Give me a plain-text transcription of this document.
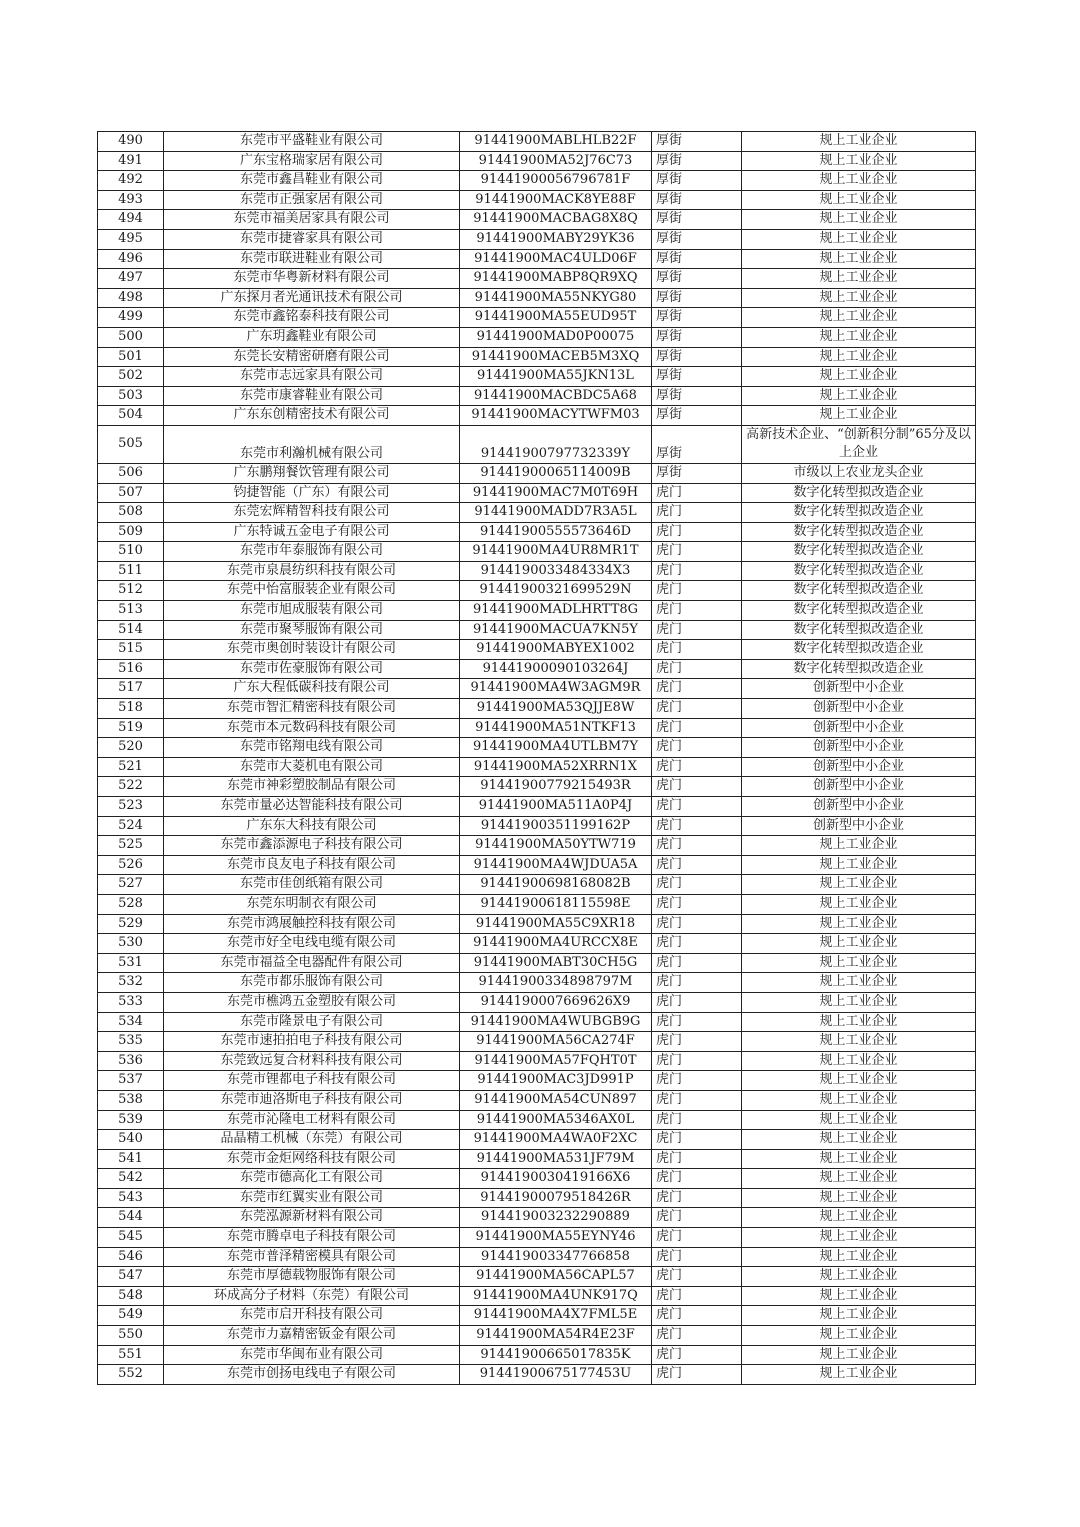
490	东莞市平盛鞋业有限公司	91441900MABLHLB22F	厚街	规上工业企业
491	广东宝格瑞家居有限公司	91441900MA52J76C73	厚街	规上工业企业
492	东莞市鑫昌鞋业有限公司	91441900056796781F	厚街	规上工业企业
493	东莞市正强家居有限公司	91441900MACK8YE88F	厚街	规上工业企业
494	东莞市福美居家具有限公司	91441900MACBAG8X8Q	厚街	规上工业企业
495	东莞市捷睿家具有限公司	91441900MABY29YK36	厚街	规上工业企业
496	东莞市联进鞋业有限公司	91441900MAC4ULD06F	厚街	规上工业企业
497	东莞市华粤新材料有限公司	91441900MABP8QR9XQ	厚街	规上工业企业
498	广东探月者光通讯技术有限公司	91441900MA55NKYG80	厚街	规上工业企业
499	东莞市鑫铭泰科技有限公司	91441900MA55EUD95T	厚街	规上工业企业
500	广东玥鑫鞋业有限公司	91441900MAD0P00075	厚街	规上工业企业
501	东莞长安精密研磨有限公司	91441900MACEB5M3XQ	厚街	规上工业企业
502	东莞市志远家具有限公司	91441900MA55JKN13L	厚街	规上工业企业
503	东莞市康睿鞋业有限公司	91441900MACBDC5A68	厚街	规上工业企业
504	广东东创精密技术有限公司	91441900MACYTWFM03	厚街	规上工业企业
505	东莞市利瀚机械有限公司	91441900797732339Y	厚街	高新技术企业、“创新积分制”65分及以上企业
506	广东鹏翔餐饮管理有限公司	91441900065114009B	厚街	市级以上农业龙头企业
507	钧捷智能（广东）有限公司	91441900MAC7M0T69H	虎门	数字化转型拟改造企业
508	东莞宏辉精智科技有限公司	91441900MADD7R3A5L	虎门	数字化转型拟改造企业
509	广东特诚五金电子有限公司	91441900555573646D	虎门	数字化转型拟改造企业
510	东莞市年泰服饰有限公司	91441900MA4UR8MR1T	虎门	数字化转型拟改造企业
511	东莞市泉晨纺织科技有限公司	9144190033484334X3	虎门	数字化转型拟改造企业
512	东莞中怡富服装企业有限公司	91441900321699529N	虎门	数字化转型拟改造企业
513	东莞市旭成服装有限公司	91441900MADLHRTT8G	虎门	数字化转型拟改造企业
514	东莞市聚琴服饰有限公司	91441900MACUA7KN5Y	虎门	数字化转型拟改造企业
515	东莞市奥创时装设计有限公司	91441900MABYEX1002	虎门	数字化转型拟改造企业
516	东莞市佐豪服饰有限公司	91441900090103264J	虎门	数字化转型拟改造企业
517	广东大程低碳科技有限公司	91441900MA4W3AGM9R	虎门	创新型中小企业
518	东莞市智汇精密科技有限公司	91441900MA53QJJE8W	虎门	创新型中小企业
519	东莞市本元数码科技有限公司	91441900MA51NTKF13	虎门	创新型中小企业
520	东莞市铭翔电线有限公司	91441900MA4UTLBM7Y	虎门	创新型中小企业
521	东莞市大菱机电有限公司	91441900MA52XRRN1X	虎门	创新型中小企业
522	东莞市神彩塑胶制品有限公司	91441900779215493R	虎门	创新型中小企业
523	东莞市量必达智能科技有限公司	91441900MA511A0P4J	虎门	创新型中小企业
524	广东东大科技有限公司	91441900351199162P	虎门	创新型中小企业
525	东莞市鑫添源电子科技有限公司	91441900MA50YTW719	虎门	规上工业企业
526	东莞市良友电子科技有限公司	91441900MA4WJDUA5A	虎门	规上工业企业
527	东莞市佳创纸箱有限公司	91441900698168082B	虎门	规上工业企业
528	东莞东明制衣有限公司	91441900618115598E	虎门	规上工业企业
529	东莞市鸿展触控科技有限公司	91441900MA55C9XR18	虎门	规上工业企业
530	东莞市好全电线电缆有限公司	91441900MA4URCCX8E	虎门	规上工业企业
531	东莞市福益全电器配件有限公司	91441900MABT30CH5G	虎门	规上工业企业
532	东莞市都乐服饰有限公司	91441900334898797M	虎门	规上工业企业
533	东莞市樵鸿五金塑胶有限公司	9144190007669626X9	虎门	规上工业企业
534	东莞市隆景电子有限公司	91441900MA4WUBGB9G	虎门	规上工业企业
535	东莞市速拍拍电子科技有限公司	91441900MA56CA274F	虎门	规上工业企业
536	东莞致远复合材料科技有限公司	91441900MA57FQHT0T	虎门	规上工业企业
537	东莞市锂都电子科技有限公司	91441900MAC3JD991P	虎门	规上工业企业
538	东莞市迪洛斯电子科技有限公司	91441900MA54CUN897	虎门	规上工业企业
539	东莞市沁隆电工材料有限公司	91441900MA5346AX0L	虎门	规上工业企业
540	品晶精工机械（东莞）有限公司	91441900MA4WA0F2XC	虎门	规上工业企业
541	东莞市金炬网络科技有限公司	91441900MA531JF79M	虎门	规上工业企业
542	东莞市德高化工有限公司	9144190030419166X6	虎门	规上工业企业
543	东莞市红翼实业有限公司	91441900079518426R	虎门	规上工业企业
544	东莞泓源新材料有限公司	91441900323229088​9	虎门	规上工业企业
545	东莞市腾卓电子科技有限公司	91441900MA55EYNY46	虎门	规上工业企业
546	东莞市普泽精密模具有限公司	914419003347766858	虎门	规上工业企业
547	东莞市厚德载物服饰有限公司	91441900MA56CAPL57	虎门	规上工业企业
548	环成高分子材料（东莞）有限公司	91441900MA4UNK917Q	虎门	规上工业企业
549	东莞市启开科技有限公司	91441900MA4X7FML5E	虎门	规上工业企业
550	东莞市力嘉精密钣金有限公司	91441900MA54R4E23F	虎门	规上工业企业
551	东莞市华闽布业有限公司	91441900665017835K	虎门	规上工业企业
552	东莞市创扬电线电子有限公司	91441900675177453U	虎门	规上工业企业
